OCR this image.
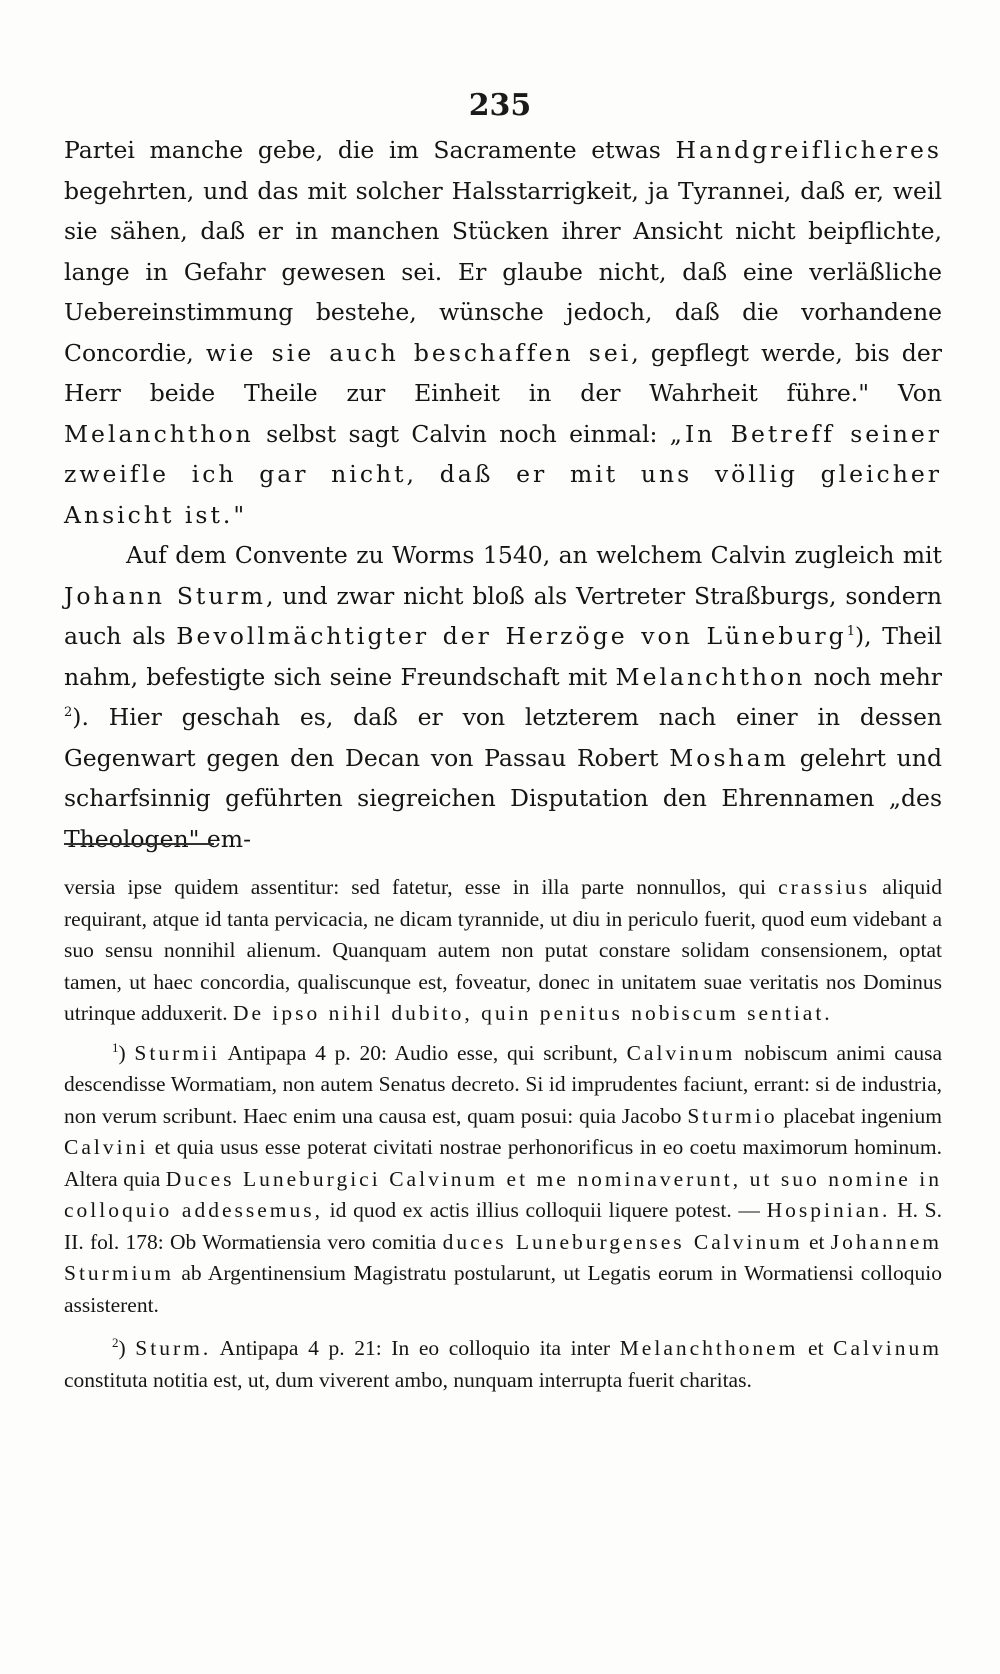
235

Partei manche gebe, die im Sacramente etwas Handgreiflicheres begehrten, und das mit solcher Halsstarrigkeit, ja Tyrannei, daß er, weil sie sähen, daß er in manchen Stücken ihrer Ansicht nicht beipflichte, lange in Gefahr gewesen sei. Er glaube nicht, daß eine verläßliche Uebereinstimmung bestehe, wünsche jedoch, daß die vorhandene Concordie, wie sie auch beschaffen sei, gepflegt werde, bis der Herr beide Theile zur Einheit in der Wahrheit führe." Von Melanchthon selbst sagt Calvin noch einmal: „In Betreff seiner zweifle ich gar nicht, daß er mit uns völlig gleicher Ansicht ist."

Auf dem Convente zu Worms 1540, an welchem Calvin zugleich mit Johann Sturm, und zwar nicht bloß als Vertreter Straßburgs, sondern auch als Bevollmächtigter der Herzöge von Lüneburg$^1$), Theil nahm, befestigte sich seine Freundschaft mit Melanchthon noch mehr $^2$). Hier geschah es, daß er von letzterem nach einer in dessen Gegenwart gegen den Decan von Passau Robert Mosham gelehrt und scharfsinnig geführten siegreichen Disputation den Ehrennamen „des Theologen" em-

versia ipse quidem assentitur: sed fatetur, esse in illa parte nonnullos, qui crassius aliquid requirant, atque id tanta pervicacia, ne dicam tyrannide, ut diu in periculo fuerit, quod eum videbant a suo sensu nonnihil alienum. Quanquam autem non putat constare solidam consensionem, optat tamen, ut haec concordia, qualiscunque est, foveatur, donec in unitatem suae veritatis nos Dominus utrinque adduxerit. De ipso nihil dubito, quin penitus nobiscum sentiat.

$^1$) Sturmii Antipapa 4 p. 20: Audio esse, qui scribunt, Calvinum nobiscum animi causa descendisse Wormatiam, non autem Senatus decreto. Si id imprudentes faciunt, errant: si de industria, non verum scribunt. Haec enim una causa est, quam posui: quia Jacobo Sturmio placebat ingenium Calvini et quia usus esse poterat civitati nostrae perhonorificus in eo coetu maximorum hominum. Altera quia Duces Luneburgici Calvinum et me nominaverunt, ut suo nomine in colloquio addessemus, id quod ex actis illius colloquii liquere potest. — Hospinian. H. S. II. fol. 178: Ob Wormatiensia vero comitia duces Luneburgenses Calvinum et Johannem Sturmium ab Argentinensium Magistratu postularunt, ut Legatis eorum in Wormatiensi colloquio assisterent.

$^2$) Sturm. Antipapa 4 p. 21: In eo colloquio ita inter Melanchthonem et Calvinum constituta notitia est, ut, dum viverent ambo, nunquam interrupta fuerit charitas.
